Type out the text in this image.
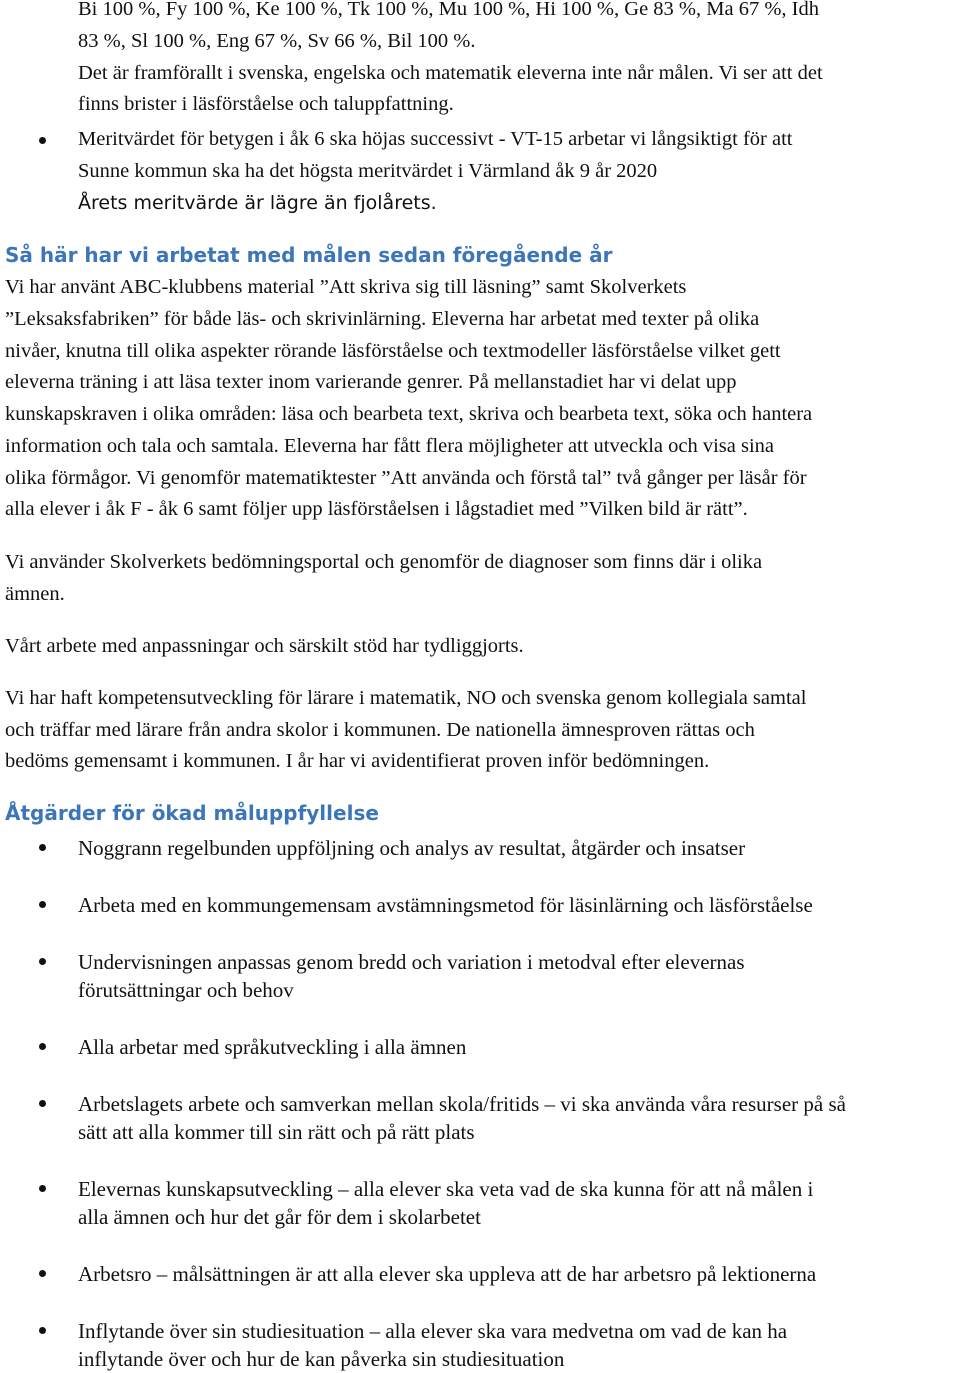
Bi 100 %, Fy 100 %, Ke 100 %, Tk 100 %, Mu 100 %, Hi 100 %, Ge 83 %, Ma 67 %, Idh
83 %, Sl 100 %, Eng 67 %, Sv 66 %, Bil 100 %.
Det är framförallt i svenska, engelska och matematik eleverna inte når målen. Vi ser att det
finns brister i läsförståelse och taluppfattning.
Meritvärdet för betygen i åk 6 ska höjas successivt - VT-15 arbetar vi långsiktigt för att
Sunne kommun ska ha det högsta meritvärdet i Värmland åk 9 år 2020
Årets meritvärde är lägre än fjolårets.
Så här har vi arbetat med målen sedan föregående år
Vi har använt ABC-klubbens material ”Att skriva sig till läsning” samt Skolverkets
”Leksaksfabriken” för både läs- och skrivinlärning. Eleverna har arbetat med texter på olika
nivåer, knutna till olika aspekter rörande läsförståelse och textmodeller läsförståelse vilket gett
eleverna träning i att läsa texter inom varierande genrer. På mellanstadiet har vi delat upp
kunskapskraven i olika områden: läsa och bearbeta text, skriva och bearbeta text, söka och hantera
information och tala och samtala. Eleverna har fått flera möjligheter att utveckla och visa sina
olika förmågor. Vi genomför matematiktester ”Att använda och förstå tal” två gånger per läsår för
alla elever i åk F - åk 6 samt följer upp läsförståelsen i lågstadiet med ”Vilken bild är rätt”.
Vi använder Skolverkets bedömningsportal och genomför de diagnoser som finns där i olika
ämnen.
Vårt arbete med anpassningar och särskilt stöd har tydliggjorts.
Vi har haft kompetensutveckling för lärare i matematik, NO och svenska genom kollegiala samtal
och träffar med lärare från andra skolor i kommunen. De nationella ämnesproven rättas och
bedöms gemensamt i kommunen. I år har vi avidentifierat proven inför bedömningen.
Åtgärder för ökad måluppfyllelse
Noggrann regelbunden uppföljning och analys av resultat, åtgärder och insatser
Arbeta med en kommungemensam avstämningsmetod för läsinlärning och läsförståelse
Undervisningen anpassas genom bredd och variation i metodval efter elevernas
förutsättningar och behov
Alla arbetar med språkutveckling i alla ämnen
Arbetslagets arbete och samverkan mellan skola/fritids – vi ska använda våra resurser på så
sätt att alla kommer till sin rätt och på rätt plats
Elevernas kunskapsutveckling – alla elever ska veta vad de ska kunna för att nå målen i
alla ämnen och hur det går för dem i skolarbetet
Arbetsro – målsättningen är att alla elever ska uppleva att de har arbetsro på lektionerna
Inflytande över sin studiesituation – alla elever ska vara medvetna om vad de kan ha
inflytande över och hur de kan påverka sin studiesituation
